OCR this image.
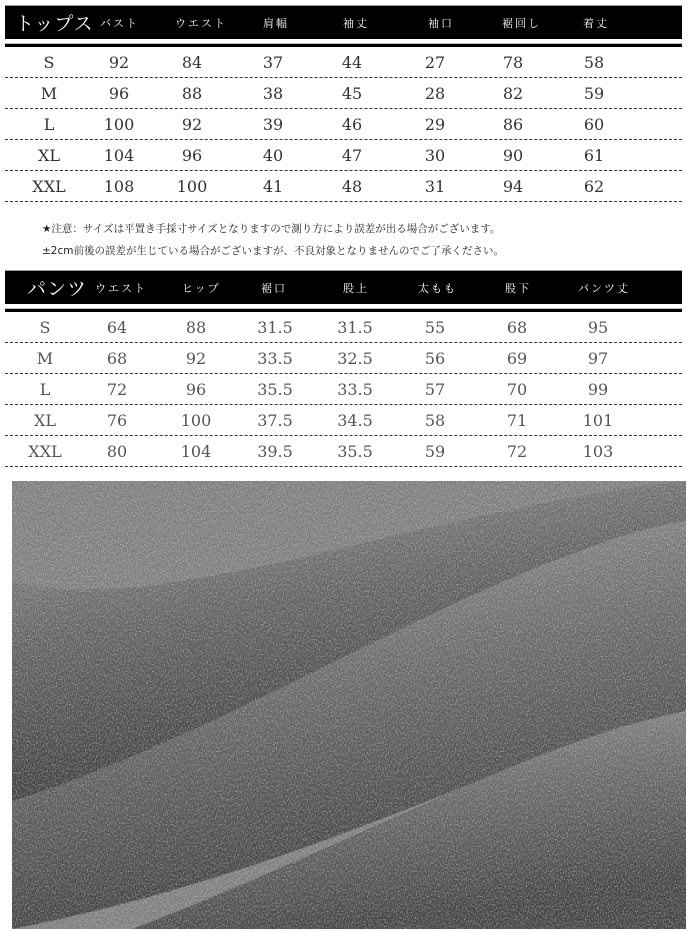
トップス バスト	ウエスト	肩幅	袖丈	袖口	裾回し	着丈
S	92	84	37	44	27	78	58
M	96	88	38	45	28	82	59
L	100	92	39	46	29	86	60
XL	104	96	40	47	30	90	61
XXL 108	100	41	48	31	94	62
★注意：サイズは平置き手採寸サイズとなりますので測り方により誤差が出る場合がございます。
±2cm前後の誤差が生じている場合がございますが、不良対象となりませんのでご了承ください。
パンツ ウエスト	ヒップ	裾口	股上	太もも	股下	パンツ丈
S	64	88	31.5	31.5	55	68	95
M	68	92	33.5	32.5	56	69	97
L	72	96	35.5	33.5	57	70	99
XL	76	100	37.5	34.5	58	71	101
XXL	80	104	39.5	35.5	59	72	103
